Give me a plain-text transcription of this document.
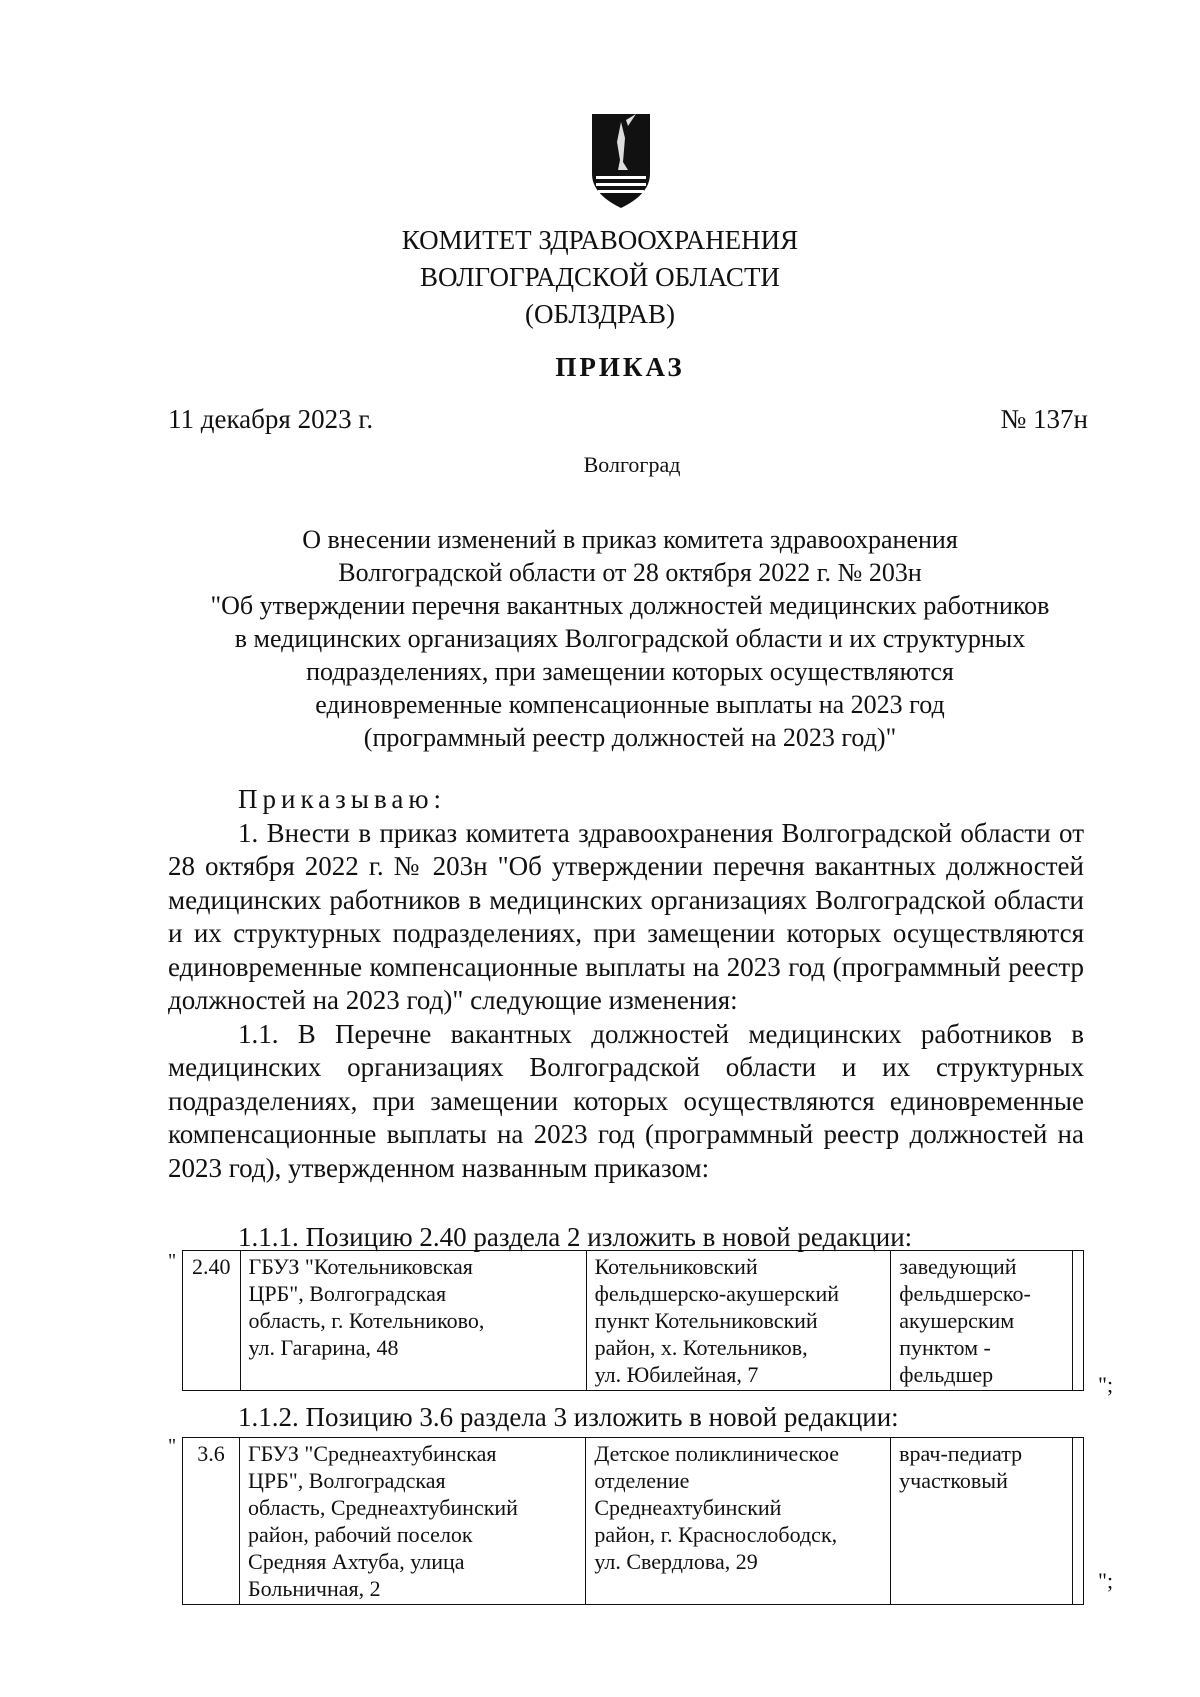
КОМИТЕТ ЗДРАВООХРАНЕНИЯ
ВОЛГОГРАДСКОЙ ОБЛАСТИ
(ОБЛЗДРАВ)
ПРИКАЗ
11 декабря 2023 г.	№ 137н
Волгоград
О внесении изменений в приказ комитета здравоохранения
Волгоградской области от 28 октября 2022 г. № 203н
"Об утверждении перечня вакантных должностей медицинских работников
в медицинских организациях Волгоградской области и их структурных
подразделениях, при замещении которых осуществляются
единовременные компенсационные выплаты на 2023 год
(программный реестр должностей на 2023 год)"
Приказываю:
1. Внести в приказ комитета здравоохранения Волгоградской области от 28 октября 2022 г. № 203н "Об утверждении перечня вакантных должностей медицинских работников в медицинских организациях Волгоградской области и их структурных подразделениях, при замещении которых осуществляются единовременные компенсационные выплаты на 2023 год (программный реестр должностей на 2023 год)" следующие изменения:
1.1. В Перечне вакантных должностей медицинских работников в медицинских организациях Волгоградской области и их структурных подразделениях, при замещении которых осуществляются единовременные компенсационные выплаты на 2023 год (программный реестр должностей на 2023 год), утвержденном названным приказом:
1.1.1. Позицию 2.40 раздела 2 изложить в новой редакции:
" 2.40	ГБУЗ "Котельниковская
ЦРБ", Волгоградская
область, г. Котельниково,
ул. Гагарина, 48

Котельниковский
фельдшерско-акушерский
пункт Котельниковский
район, х. Котельников,
ул. Юбилейная, 7

заведующий
фельдшерско-
акушерским
пунктом -
фельдшер
		";
1.1.2. Позицию 3.6 раздела 3 изложить в новой редакции:
" 3.6	ГБУЗ "Среднеахтубинская
ЦРБ", Волгоградская
область, Среднеахтубинский
район, рабочий поселок
Средняя Ахтуба, улица
Больничная, 2

Детское поликлиническое
отделение
Среднеахтубинский
район, г. Краснослободск,
ул. Свердлова, 29

врач-педиатр
участковый

";
